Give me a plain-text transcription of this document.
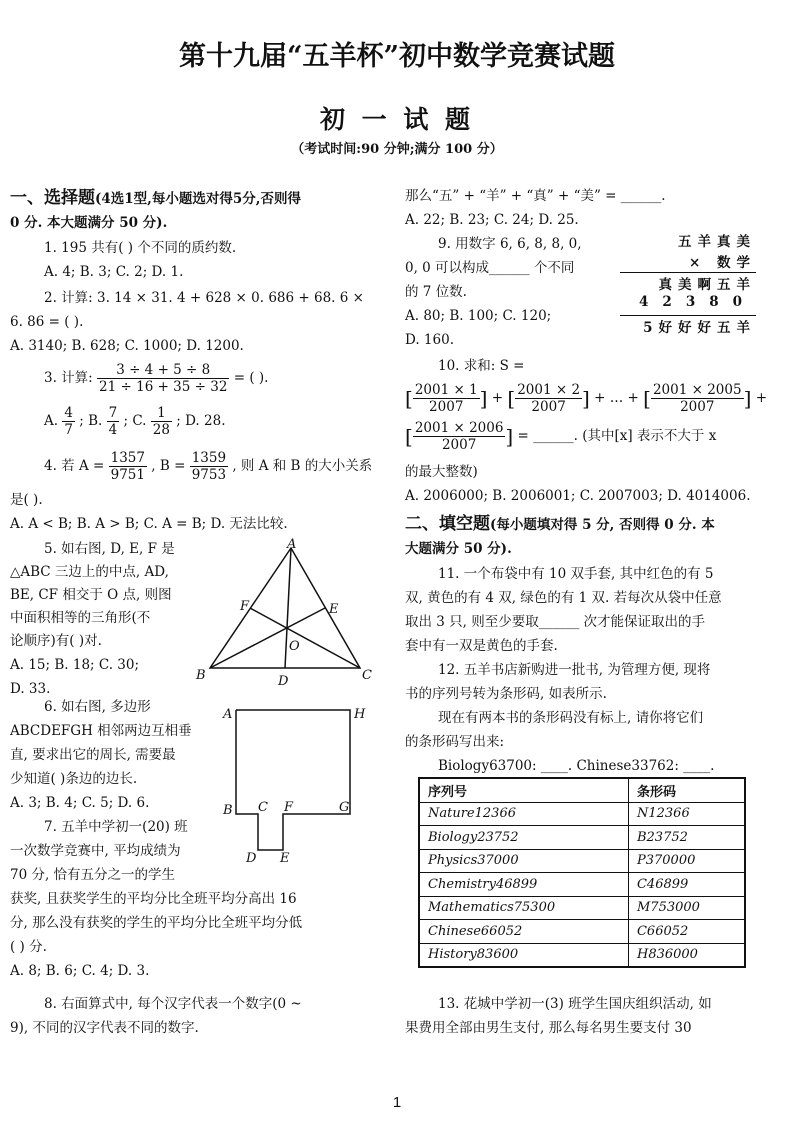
第十九届“五羊杯”初中数学竞赛试题
初 一 试 题
（考试时间:90 分钟;满分 100 分）
一、选择题(4选1型,每小题选对得5分,否则得
0 分. 本大题满分 50 分).
1. 195 共有( ) 个不同的质约数.
A. 4; B. 3; C. 2; D. 1.
2. 计算: 3. 14 × 31. 4 + 628 × 0. 686 + 68. 6 ×
6. 86 = ( ).
A. 3140; B. 628; C. 1000; D. 1200.
3. 计算: $\frac{3 \div 4 + 5 \div 8}{21 \div 16 + 35 \div 32}$ = ( ).
A. $\frac{4}{7}$ ; B. $\frac{7}{4}$ ; C. $\frac{1}{28}$ ; D. 28.
4. 若 $A = \frac{1357}{9751}$ , $B = \frac{1359}{9753}$ , 则 A 和 B 的大小关系
是( ).
A. A < B; B. A > B; C. A = B; D. 无法比较.
5. 如右图, D, E, F 是
△ABC 三边上的中点, AD,
BE, CF 相交于 O 点, 则图
中面积相等的三角形(不
论顺序)有( )对.
A. 15; B. 18; C. 30;
D. 33.
A
B	C
D
E
F
O
6. 如右图, 多边形
ABCDEFGH 相邻两边互相垂
直, 要求出它的周长, 需要最
少知道( )条边的边长.
A. 3; B. 4; C. 5; D. 6.
A
B C
D E
F	G
H
7. 五羊中学初一(20) 班
一次数学竞赛中, 平均成绩为
70 分, 恰有五分之一的学生
获奖, 且获奖学生的平均分比全班平均分高出 16
分, 那么没有获奖的学生的平均分比全班平均分低
( ) 分.
A. 8; B. 6; C. 4; D. 3.
8. 右面算式中, 每个汉字代表一个数字(0 ~
9), 不同的汉字代表不同的数字.
那么“五” + “羊” + “真” + “美” = ______.
A. 22; B. 23; C. 24; D. 25.
9. 用数字 6, 6, 8, 8, 0,
0, 0 可以构成______ 个不同
的 7 位数.
A. 80; B. 100; C. 120;
D. 160.
五羊真美
× 数学
真美啊五羊
42380
5好好好五羊
10. 求和: S =
[ $\frac{2001 \times 1}{2007}$ ] + [ $\frac{2001 \times 2}{2007}$ ] + … + [ $\frac{2001 \times 2005}{2007}$ ] +
[ $\frac{2001 \times 2006}{2007}$ ] = ______. (其中[x] 表示不大于 x
的最大整数)
A. 2006000; B. 2006001; C. 2007003; D. 4014006.
二、填空题(每小题填对得 5 分, 否则得 0 分. 本
大题满分 50 分).
11. 一个布袋中有 10 双手套, 其中红色的有 5
双, 黄色的有 4 双, 绿色的有 1 双. 若每次从袋中任意
取出 3 只, 则至少要取______ 次才能保证取出的手
套中有一双是黄色的手套.
12. 五羊书店新购进一批书, 为管理方便, 现将
书的序列号转为条形码, 如表所示.
现在有两本书的条形码没有标上, 请你将它们
的条形码写出来:
Biology63700: ____. Chinese33762: ____.
序列号	条形码
Nature12366	N12366
Biology23752	B23752
Physics37000	P370000
Chemistry46899	C46899
Mathematics75300	M753000
Chinese66052	C66052
History83600	H836000
13. 花城中学初一(3) 班学生国庆组织活动, 如
果费用全部由男生支付, 那么每名男生要支付 30
1
